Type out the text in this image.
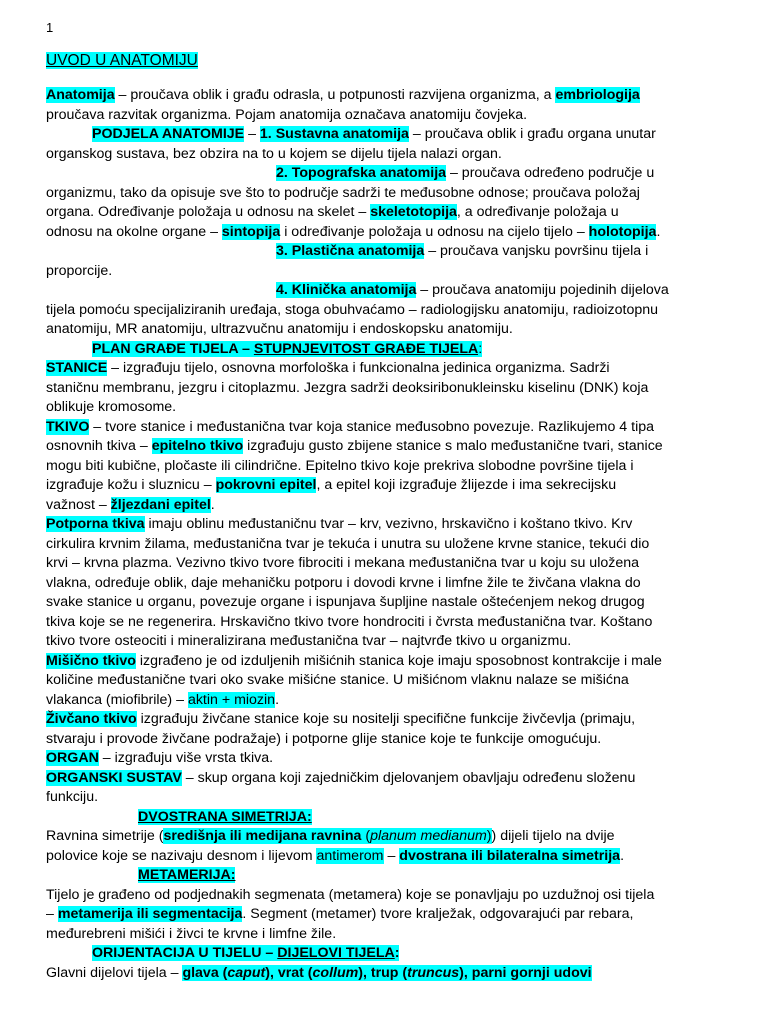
1
UVOD U ANATOMIJU
Anatomija – proučava oblik i građu odrasla, u potpunosti razvijena organizma, a embriologija
proučava razvitak organizma. Pojam anatomija označava anatomiju čovjeka.
PODJELA ANATOMIJE – 1. Sustavna anatomija – proučava oblik i građu organa unutar
organskog sustava, bez obzira na to u kojem se dijelu tijela nalazi organ.
2. Topografska anatomija – proučava određeno područje u
organizmu, tako da opisuje sve što to područje sadrži te međusobne odnose; proučava položaj
organa. Određivanje položaja u odnosu na skelet – skeletotopija, a određivanje položaja u
odnosu na okolne organe – sintopija i određivanje položaja u odnosu na cijelo tijelo – holotopija.
3. Plastična anatomija – proučava vanjsku površinu tijela i
proporcije.
4. Klinička anatomija – proučava anatomiju pojedinih dijelova
tijela pomoću specijaliziranih uređaja, stoga obuhvaćamo – radiologijsku anatomiju, radioizotopnu
anatomiju, MR anatomiju, ultrazvučnu anatomiju i endoskopsku anatomiju.
PLAN GRAĐE TIJELA – STUPNJEVITOST GRAĐE TIJELA:
STANICE – izgrađuju tijelo, osnovna morfološka i funkcionalna jedinica organizma. Sadrži
staničnu membranu, jezgru i citoplazmu. Jezgra sadrži deoksiribonukleinsku kiselinu (DNK) koja
oblikuje kromosome.
TKIVO – tvore stanice i međustanična tvar koja stanice međusobno povezuje. Razlikujemo 4 tipa
osnovnih tkiva – epitelno tkivo izgrađuju gusto zbijene stanice s malo međustanične tvari, stanice
mogu biti kubične, pločaste ili cilindrične. Epitelno tkivo koje prekriva slobodne površine tijela i
izgrađuje kožu i sluznicu – pokrovni epitel, a epitel koji izgrađuje žlijezde i ima sekrecijsku
važnost – žljezdani epitel.
Potporna tkiva imaju oblinu međustaničnu tvar – krv, vezivno, hrskavično i koštano tkivo. Krv
cirkulira krvnim žilama, međustanična tvar je tekuća i unutra su uložene krvne stanice, tekući dio
krvi – krvna plazma. Vezivno tkivo tvore fibrociti i mekana međustanična tvar u koju su uložena
vlakna, određuje oblik, daje mehaničku potporu i dovodi krvne i limfne žile te živčana vlakna do
svake stanice u organu, povezuje organe i ispunjava šupljine nastale oštećenjem nekog drugog
tkiva koje se ne regenerira. Hrskavično tkivo tvore hondrociti i čvrsta međustanična tvar. Koštano
tkivo tvore osteociti i mineralizirana međustanična tvar – najtvrđe tkivo u organizmu.
Mišično tkivo izgrađeno je od izduljenih mišićnih stanica koje imaju sposobnost kontrakcije i male
količine međustanične tvari oko svake mišićne stanice. U mišićnom vlaknu nalaze se mišićna
vlakanca (miofibrile) – aktin + miozin.
Živčano tkivo izgrađuju živčane stanice koje su nositelji specifične funkcije živčevlja (primaju,
stvaraju i provode živčane podražaje) i potporne glije stanice koje te funkcije omogućuju.
ORGAN – izgrađuju više vrsta tkiva.
ORGANSKI SUSTAV – skup organa koji zajedničkim djelovanjem obavljaju određenu složenu
funkciju.
DVOSTRANA SIMETRIJA:
Ravnina simetrije (središnja ili medijana ravnina (planum medianum)) dijeli tijelo na dvije
polovice koje se nazivaju desnom i lijevom antimerom – dvostrana ili bilateralna simetrija.
METAMERIJA:
Tijelo je građeno od podjednakih segmenata (metamera) koje se ponavljaju po uzdužnoj osi tijela
– metamerija ili segmentacija. Segment (metamer) tvore kralježak, odgovarajući par rebara,
međurebreni mišići i živci te krvne i limfne žile.
ORIJENTACIJA U TIJELU – DIJELOVI TIJELA:
Glavni dijelovi tijela – glava (caput), vrat (collum), trup (truncus), parni gornji udovi
